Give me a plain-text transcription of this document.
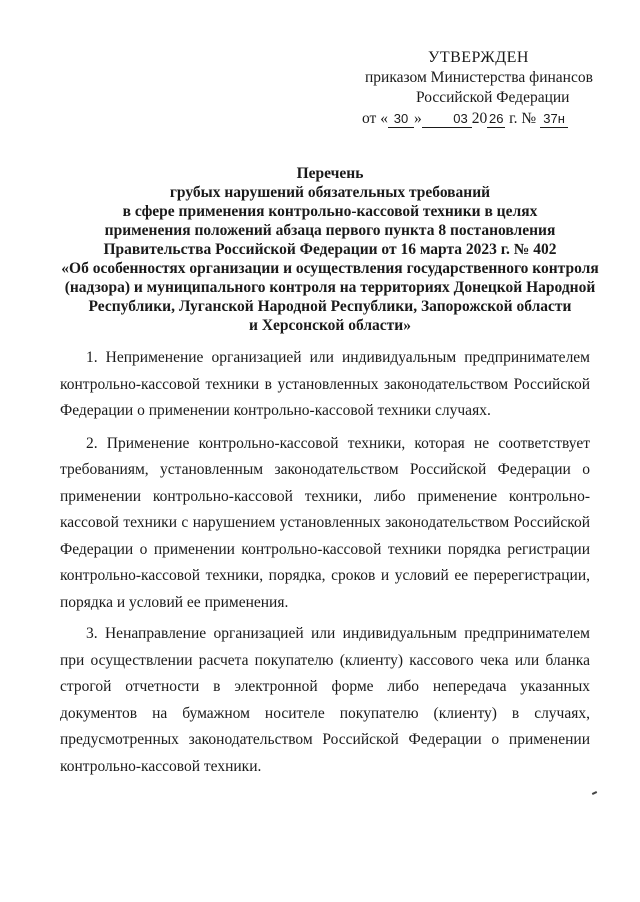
УТВЕРЖДЕН
приказом Министерства финансов
Российской Федерации
от « 30 » 03 20 26 г. № 37н
Перечень
грубых нарушений обязательных требований
в сфере применения контрольно-кассовой техники в целях
применения положений абзаца первого пункта 8 постановления
Правительства Российской Федерации от 16 марта 2023 г. № 402
«Об особенностях организации и осуществления государственного контроля
(надзора) и муниципального контроля на территориях Донецкой Народной
Республики, Луганской Народной Республики, Запорожской области
и Херсонской области»

1. Неприменение организацией или индивидуальным предпринимателем контрольно-кассовой техники в установленных законодательством Российской Федерации о применении контрольно-кассовой техники случаях.

2. Применение контрольно-кассовой техники, которая не соответствует требованиям, установленным законодательством Российской Федерации о применении контрольно-кассовой техники, либо применение контрольно-кассовой техники с нарушением установленных законодательством Российской Федерации о применении контрольно-кассовой техники порядка регистрации контрольно-кассовой техники, порядка, сроков и условий ее перерегистрации, порядка и условий ее применения.

3. Ненаправление организацией или индивидуальным предпринимателем при осуществлении расчета покупателю (клиенту) кассового чека или бланка строгой отчетности в электронной форме либо непередача указанных документов на бумажном носителе покупателю (клиенту) в случаях, предусмотренных законодательством Российской Федерации о применении контрольно-кассовой техники.
